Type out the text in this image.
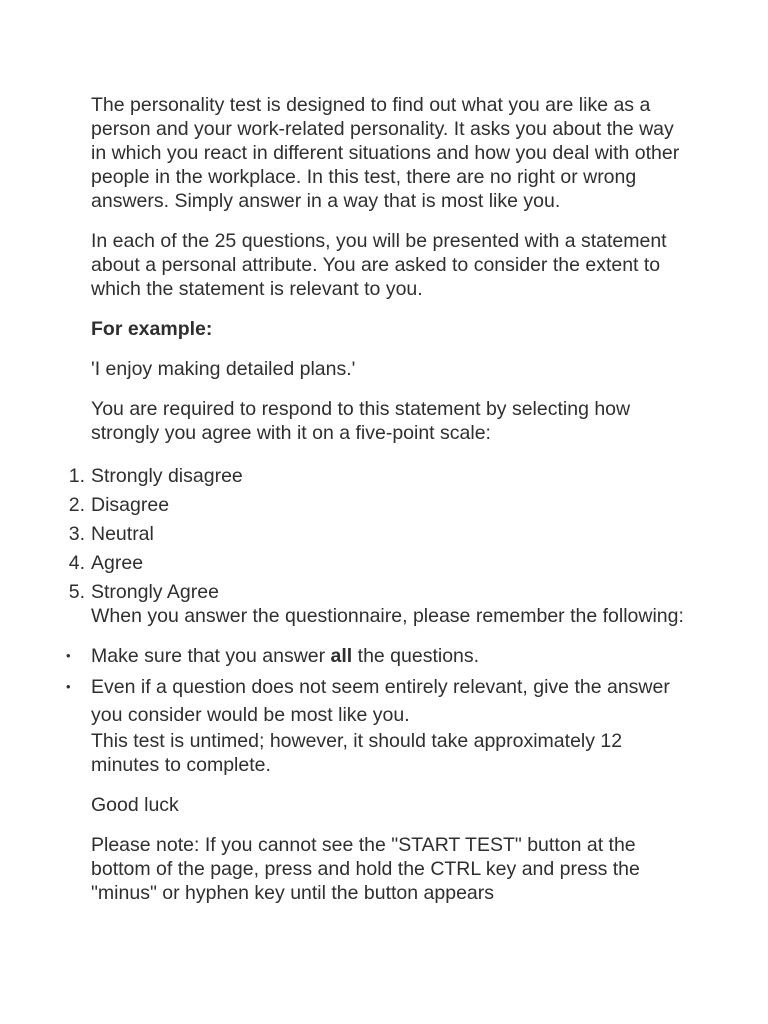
The personality test is designed to find out what you are like as a person and your work-related personality. It asks you about the way in which you react in different situations and how you deal with other people in the workplace. In this test, there are no right or wrong answers. Simply answer in a way that is most like you.

In each of the 25 questions, you will be presented with a statement about a personal attribute. You are asked to consider the extent to which the statement is relevant to you.

For example:

'I enjoy making detailed plans.'

You are required to respond to this statement by selecting how strongly you agree with it on a five-point scale:

Strongly disagree
Disagree
Neutral
Agree
Strongly Agree

When you answer the questionnaire, please remember the following:

• Make sure that you answer all the questions.
• Even if a question does not seem entirely relevant, give the answer you consider would be most like you.

This test is untimed; however, it should take approximately 12 minutes to complete.

Good luck

Please note: If you cannot see the "START TEST" button at the bottom of the page, press and hold the CTRL key and press the "minus" or hyphen key until the button appears
